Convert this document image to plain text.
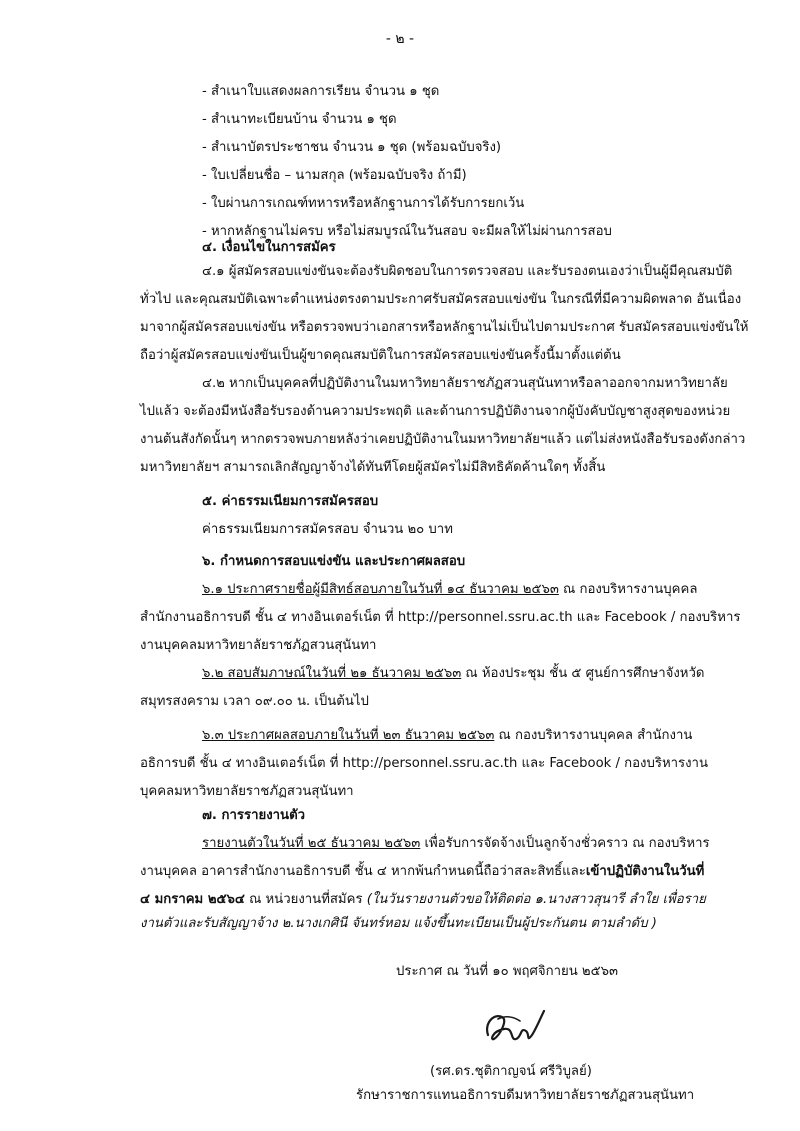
- ๒ -
- สำเนาใบแสดงผลการเรียน จำนวน ๑ ชุด
- สำเนาทะเบียนบ้าน จำนวน ๑ ชุด
- สำเนาบัตรประชาชน จำนวน ๑ ชุด (พร้อมฉบับจริง)
- ใบเปลี่ยนชื่อ – นามสกุล (พร้อมฉบับจริง ถ้ามี)
- ใบผ่านการเกณฑ์ทหารหรือหลักฐานการได้รับการยกเว้น
- หากหลักฐานไม่ครบ หรือไม่สมบูรณ์ในวันสอบ จะมีผลให้ไม่ผ่านการสอบ
๔. เงื่อนไขในการสมัคร
๔.๑ ผู้สมัครสอบแข่งขันจะต้องรับผิดชอบในการตรวจสอบ และรับรองตนเองว่าเป็นผู้มีคุณสมบัติ
ทั่วไป และคุณสมบัติเฉพาะตำแหน่งตรงตามประกาศรับสมัครสอบแข่งขัน ในกรณีที่มีความผิดพลาด อันเนื่อง
มาจากผู้สมัครสอบแข่งขัน หรือตรวจพบว่าเอกสารหรือหลักฐานไม่เป็นไปตามประกาศ รับสมัครสอบแข่งขันให้
ถือว่าผู้สมัครสอบแข่งขันเป็นผู้ขาดคุณสมบัติในการสมัครสอบแข่งขันครั้งนี้มาตั้งแต่ต้น
๔.๒ หากเป็นบุคคลที่ปฏิบัติงานในมหาวิทยาลัยราชภัฏสวนสุนันทาหรือลาออกจากมหาวิทยาลัย
ไปแล้ว จะต้องมีหนังสือรับรองด้านความประพฤติ และด้านการปฏิบัติงานจากผู้บังคับบัญชาสูงสุดของหน่วย
งานต้นสังกัดนั้นๆ หากตรวจพบภายหลังว่าเคยปฏิบัติงานในมหาวิทยาลัยฯแล้ว แต่ไม่ส่งหนังสือรับรองดังกล่าว
มหาวิทยาลัยฯ สามารถเลิกสัญญาจ้างได้ทันทีโดยผู้สมัครไม่มีสิทธิคัดค้านใดๆ ทั้งสิ้น
๕. ค่าธรรมเนียมการสมัครสอบ
ค่าธรรมเนียมการสมัครสอบ จำนวน ๒๐ บาท
๖. กำหนดการสอบแข่งขัน และประกาศผลสอบ
๖.๑ ประกาศรายชื่อผู้มีสิทธ์สอบภายในวันที่ ๑๔ ธันวาคม ๒๕๖๓ ณ กองบริหารงานบุคคล
สำนักงานอธิการบดี ชั้น ๔ ทางอินเตอร์เน็ต ที่ http://personnel.ssru.ac.th และ Facebook / กองบริหาร
งานบุคคลมหาวิทยาลัยราชภัฏสวนสุนันทา
๖.๒ สอบสัมภาษณ์ในวันที่ ๒๑ ธันวาคม ๒๕๖๓ ณ ห้องประชุม ชั้น ๕ ศูนย์การศึกษาจังหวัด
สมุทรสงคราม เวลา ๐๙.๐๐ น. เป็นต้นไป
๖.๓ ประกาศผลสอบภายในวันที่ ๒๓ ธันวาคม ๒๕๖๓ ณ กองบริหารงานบุคคล สำนักงาน
อธิการบดี ชั้น ๔ ทางอินเตอร์เน็ต ที่ http://personnel.ssru.ac.th และ Facebook / กองบริหารงาน
บุคคลมหาวิทยาลัยราชภัฏสวนสุนันทา
๗. การรายงานตัว
รายงานตัวในวันที่ ๒๕ ธันวาคม ๒๕๖๓ เพื่อรับการจัดจ้างเป็นลูกจ้างชั่วคราว ณ กองบริหาร
งานบุคคล อาคารสำนักงานอธิการบดี ชั้น ๔ หากพ้นกำหนดนี้ถือว่าสละสิทธิ์และเข้าปฏิบัติงานในวันที่
๔ มกราคม ๒๕๖๔ ณ หน่วยงานที่สมัคร (ในวันรายงานตัวขอให้ติดต่อ ๑.นางสาวสุนารี ลำใย เพื่อราย
งานตัวและรับสัญญาจ้าง ๒.นางเกศินี จันทร์หอม แจ้งขึ้นทะเบียนเป็นผู้ประกันตน ตามลำดับ )
ประกาศ ณ วันที่ ๑๐ พฤศจิกายน ๒๕๖๓
(รศ.ดร.ชุติกาญจน์ ศรีวิบูลย์)
รักษาราชการแทนอธิการบดีมหาวิทยาลัยราชภัฏสวนสุนันทา
